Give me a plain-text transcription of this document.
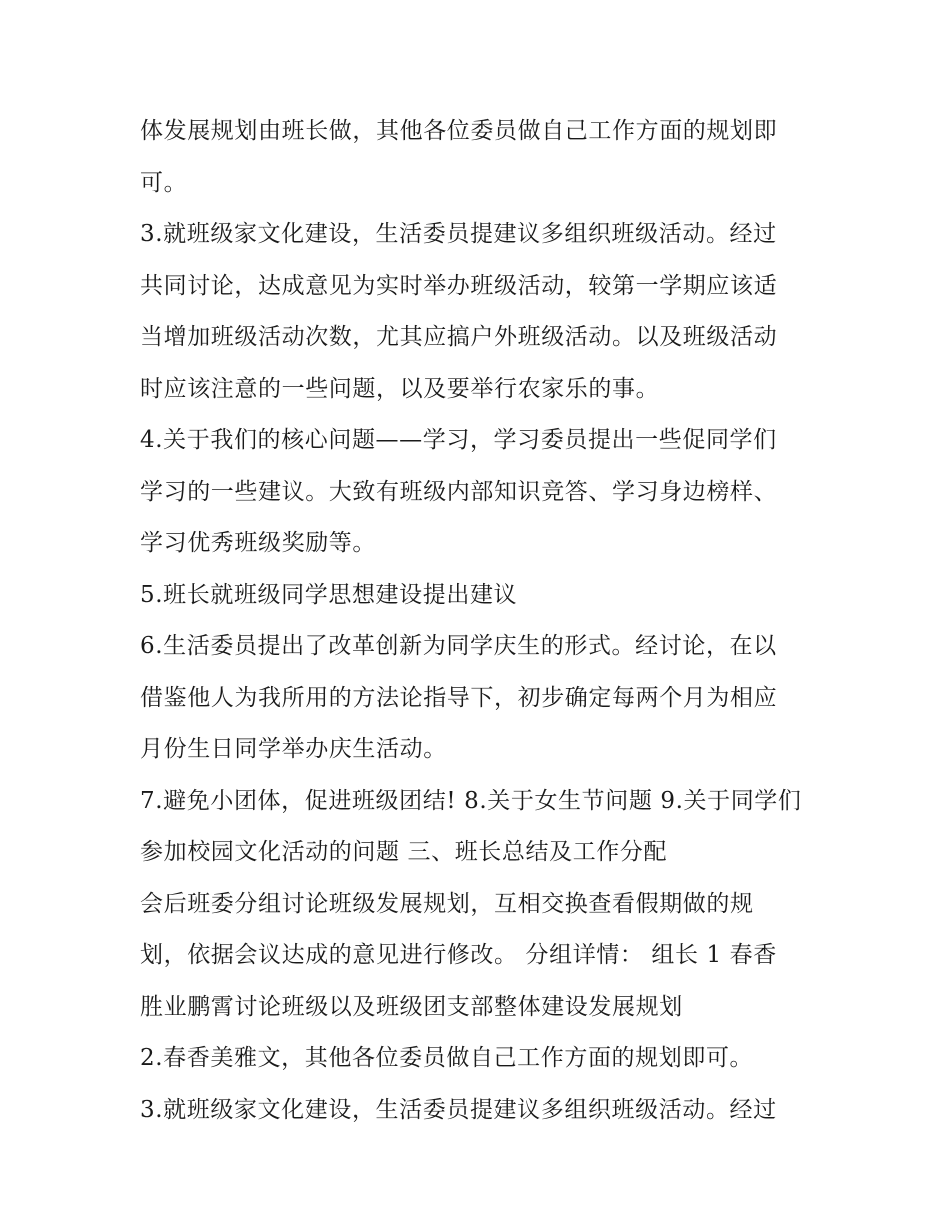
体发展规划由班长做，其他各位委员做自己工作方面的规划即
可。
3.就班级家文化建设，生活委员提建议多组织班级活动。经过
共同讨论，达成意见为实时举办班级活动，较第一学期应该适
当增加班级活动次数，尤其应搞户外班级活动。以及班级活动
时应该注意的一些问题，以及要举行农家乐的事。
4.关于我们的核心问题——学习，学习委员提出一些促同学们
学习的一些建议。大致有班级内部知识竞答、学习身边榜样、
学习优秀班级奖励等。
5.班长就班级同学思想建设提出建议
6.生活委员提出了改革创新为同学庆生的形式。经讨论，在以
借鉴他人为我所用的方法论指导下，初步确定每两个月为相应
月份生日同学举办庆生活动。
7.避免小团体，促进班级团结! 8.关于女生节问题 9.关于同学们
参加校园文化活动的问题 三、班长总结及工作分配
会后班委分组讨论班级发展规划，互相交换查看假期做的规
划，依据会议达成的意见进行修改。 分组详情： 组长 1 春香
胜业鹏霄讨论班级以及班级团支部整体建设发展规划
2.春香美雅文，其他各位委员做自己工作方面的规划即可。
3.就班级家文化建设，生活委员提建议多组织班级活动。经过
